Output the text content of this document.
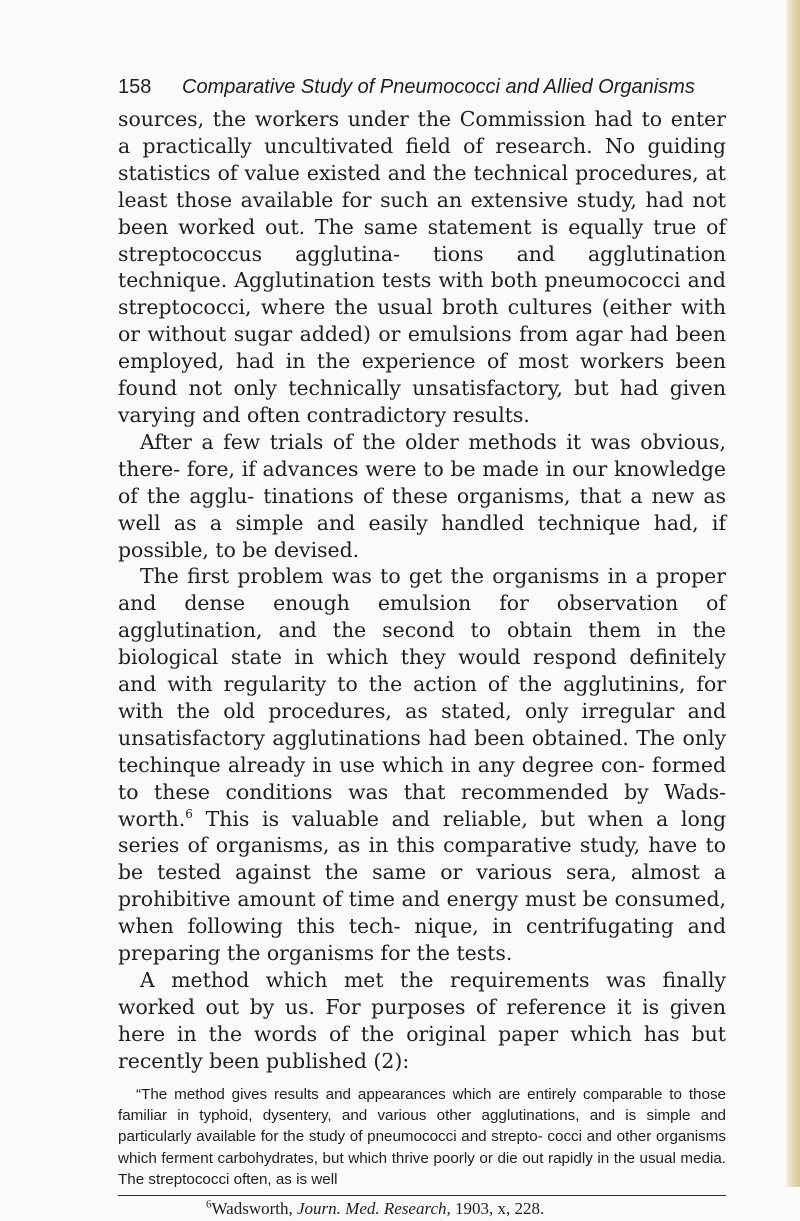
158 Comparative Study of Pneumococci and Allied Organisms

sources, the workers under the Commission had to enter a practically uncultivated field of research. No guiding statistics of value existed and the technical procedures, at least those available for such an extensive study, had not been worked out. The same statement is equally true of streptococcus agglutina- tions and agglutination technique. Agglutination tests with both pneumococci and streptococci, where the usual broth cultures (either with or without sugar added) or emulsions from agar had been employed, had in the experience of most workers been found not only technically unsatisfactory, but had given varying and often contradictory results.

After a few trials of the older methods it was obvious, there- fore, if advances were to be made in our knowledge of the agglu- tinations of these organisms, that a new as well as a simple and easily handled technique had, if possible, to be devised.

The first problem was to get the organisms in a proper and dense enough emulsion for observation of agglutination, and the second to obtain them in the biological state in which they would respond definitely and with regularity to the action of the agglutinins, for with the old procedures, as stated, only irregular and unsatisfactory agglutinations had been obtained. The only techinque already in use which in any degree con- formed to these conditions was that recommended by Wads- worth.$^6$ This is valuable and reliable, but when a long series of organisms, as in this comparative study, have to be tested against the same or various sera, almost a prohibitive amount of time and energy must be consumed, when following this tech- nique, in centrifugating and preparing the organisms for the tests.

A method which met the requirements was finally worked out by us. For purposes of reference it is given here in the words of the original paper which has but recently been published (2):

“The method gives results and appearances which are entirely comparable to those familiar in typhoid, dysentery, and various other agglutinations, and is simple and particularly available for the study of pneumococci and strepto- cocci and other organisms which ferment carbohydrates, but which thrive poorly or die out rapidly in the usual media. The streptococci often, as is well

$^6$Wadsworth, Journ. Med. Research, 1903, x, 228.
